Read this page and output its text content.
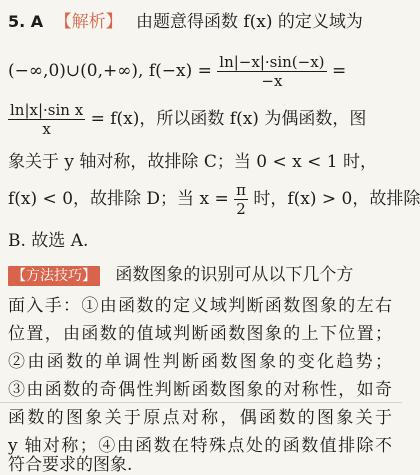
5. A 【解析】 由题意得函数 f(x) 的定义域为
(−∞,0)∪(0,+∞), $f(-x) = \frac{\ln|-x|\cdot\sin(-x)}{-x}$ =
$\frac{\text{ln|x|·sin x}}{x} = f(x)$，所以函数 f(x) 为偶函数，图
象关于 y 轴对称，故排除 C；当 0 < x < 1 时，
f(x) < 0，故排除 D；当 $x = \frac{\pi}{2}$ 时，f(x) > 0，故排除
B. 故选 A.
【方法技巧】 函数图象的识别可从以下几个方
面入手：①由函数的定义域判断函数图象的左右
位置，由函数的值域判断函数图象的上下位置；
②由函数的单调性判断函数图象的变化趋势；
③由函数的奇偶性判断函数图象的对称性，如奇
函数的图象关于原点对称，偶函数的图象关于
y 轴对称；④由函数在特殊点处的函数值排除不
符合要求的图象.
